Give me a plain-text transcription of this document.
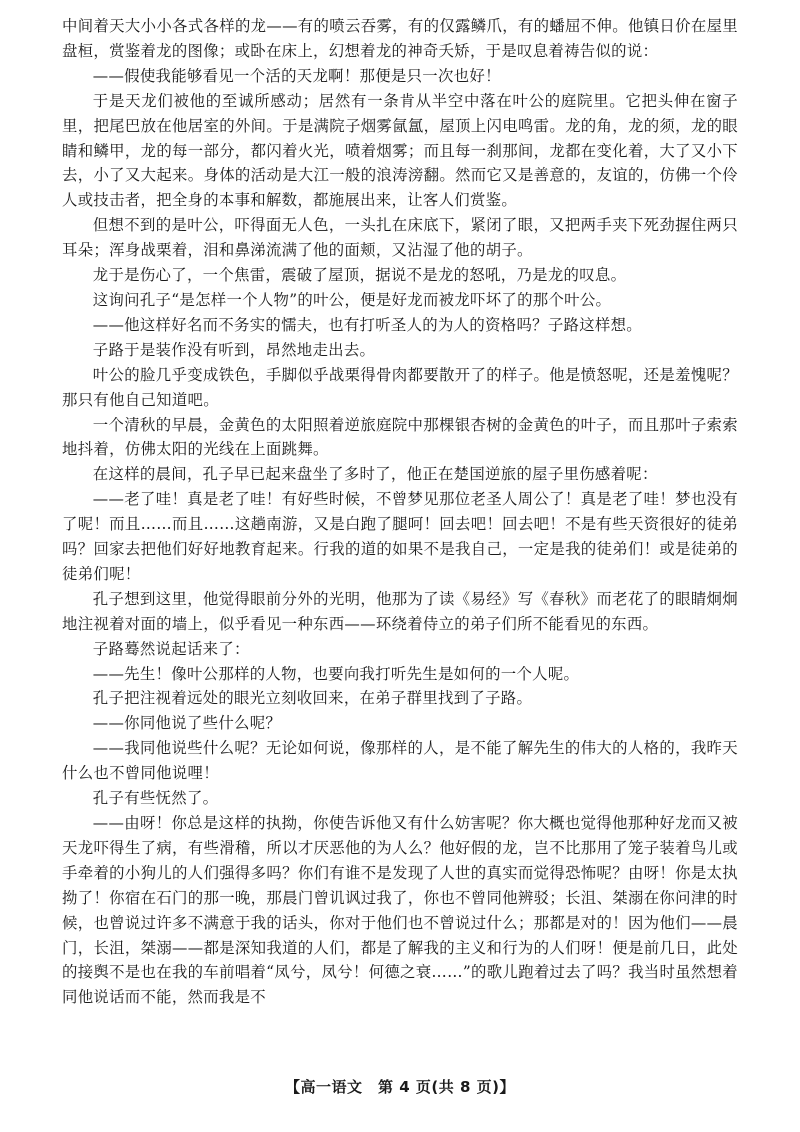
中间着天大小小各式各样的龙——有的喷云吞雾，有的仅露鳞爪，有的蟠屈不伸。他镇日价在屋里盘桓，赏鉴着龙的图像；或卧在床上，幻想着龙的神奇夭矫，于是叹息着祷告似的说：

——假使我能够看见一个活的天龙啊！那便是只一次也好！

于是天龙们被他的至诚所感动；居然有一条肯从半空中落在叶公的庭院里。它把头伸在窗子里，把尾巴放在他居室的外间。于是满院子烟雾氤氲，屋顶上闪电鸣雷。龙的角，龙的须，龙的眼睛和鳞甲，龙的每一部分，都闪着火光，喷着烟雾；而且每一刹那间，龙都在变化着，大了又小下去，小了又大起来。身体的活动是大江一般的浪涛滂翻。然而它又是善意的，友谊的，仿佛一个伶人或技击者，把全身的本事和解数，都施展出来，让客人们赏鉴。

但想不到的是叶公，吓得面无人色，一头扎在床底下，紧闭了眼，又把两手夹下死劲握住两只耳朵；浑身战栗着，泪和鼻涕流满了他的面颊，又沾湿了他的胡子。

龙于是伤心了，一个焦雷，震破了屋顶，据说不是龙的怒吼，乃是龙的叹息。

这询问孔子“是怎样一个人物”的叶公，便是好龙而被龙吓坏了的那个叶公。

——他这样好名而不务实的懦夫，也有打听圣人的为人的资格吗？子路这样想。

子路于是装作没有听到，昂然地走出去。

叶公的脸几乎变成铁色，手脚似乎战栗得骨肉都要散开了的样子。他是愤怒呢，还是羞愧呢？那只有他自己知道吧。

一个清秋的早晨，金黄色的太阳照着逆旅庭院中那棵银杏树的金黄色的叶子，而且那叶子索索地抖着，仿佛太阳的光线在上面跳舞。

在这样的晨间，孔子早已起来盘坐了多时了，他正在楚国逆旅的屋子里伤感着呢：

——老了哇！真是老了哇！有好些时候，不曾梦见那位老圣人周公了！真是老了哇！梦也没有了呢！而且……而且……这趟南游，又是白跑了腿呵！回去吧！回去吧！不是有些天资很好的徒弟吗？回家去把他们好好地教育起来。行我的道的如果不是我自己，一定是我的徒弟们！或是徒弟的徒弟们呢！

孔子想到这里，他觉得眼前分外的光明，他那为了读《易经》写《春秋》而老花了的眼睛炯炯地注视着对面的墙上，似乎看见一种东西——环绕着侍立的弟子们所不能看见的东西。

子路蓦然说起话来了：

——先生！像叶公那样的人物，也要向我打听先生是如何的一个人呢。

孔子把注视着远处的眼光立刻收回来，在弟子群里找到了子路。

——你同他说了些什么呢？

——我同他说些什么呢？无论如何说，像那样的人，是不能了解先生的伟大的人格的，我昨天什么也不曾同他说哩！

孔子有些怃然了。

——由呀！你总是这样的执拗，你使告诉他又有什么妨害呢？你大概也觉得他那种好龙而又被天龙吓得生了病，有些滑稽，所以才厌恶他的为人么？他好假的龙，岂不比那用了笼子装着鸟儿或手牵着的小狗儿的人们强得多吗？你们有谁不是发现了人世的真实而觉得恐怖呢？由呀！你是太执拗了！你宿在石门的那一晚，那晨门曾讥讽过我了，你也不曾同他辨驳；长沮、桀溺在你问津的时候，也曾说过许多不满意于我的话头，你对于他们也不曾说过什么；那都是对的！因为他们——晨门，长沮，桀溺——都是深知我道的人们，都是了解我的主义和行为的人们呀！便是前几日，此处的接舆不是也在我的车前唱着“凤兮，凤兮！何德之衰……”的歌儿跑着过去了吗？我当时虽然想着同他说话而不能，然而我是不

【高一语文　第 4 页(共 8 页)】
